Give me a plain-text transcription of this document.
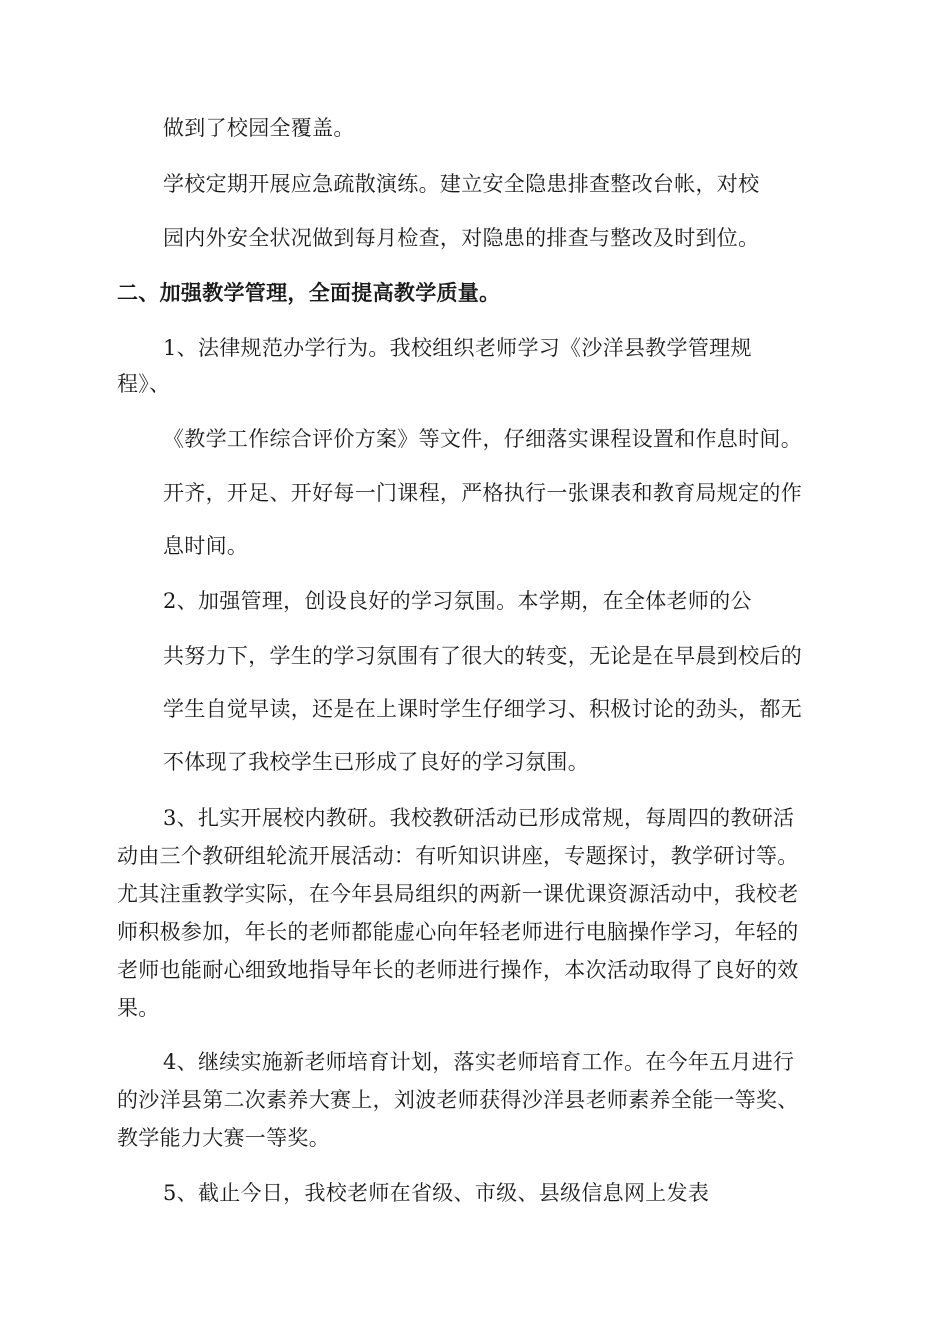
做到了校园全覆盖。
学校定期开展应急疏散演练。建立安全隐患排查整改台帐，对校
园内外安全状况做到每月检查，对隐患的排查与整改及时到位。
二、加强教学管理，全面提高教学质量。
1、法律规范办学行为。我校组织老师学习《沙洋县教学管理规
程》、
《教学工作综合评价方案》等文件，仔细落实课程设置和作息时间。
开齐，开足、开好每一门课程，严格执行一张课表和教育局规定的作
息时间。
2、加强管理，创设良好的学习氛围。本学期，在全体老师的公
共努力下，学生的学习氛围有了很大的转变，无论是在早晨到校后的
学生自觉早读，还是在上课时学生仔细学习、积极讨论的劲头，都无
不体现了我校学生已形成了良好的学习氛围。
3、扎实开展校内教研。我校教研活动已形成常规，每周四的教研活
动由三个教研组轮流开展活动：有听知识讲座，专题探讨，教学研讨等。
尤其注重教学实际，在今年县局组织的两新一课优课资源活动中，我校老
师积极参加，年长的老师都能虚心向年轻老师进行电脑操作学习，年轻的
老师也能耐心细致地指导年长的老师进行操作，本次活动取得了良好的效
果。
4、继续实施新老师培育计划，落实老师培育工作。在今年五月进行
的沙洋县第二次素养大赛上，刘波老师获得沙洋县老师素养全能一等奖、
教学能力大赛一等奖。
5、截止今日，我校老师在省级、市级、县级信息网上发表
